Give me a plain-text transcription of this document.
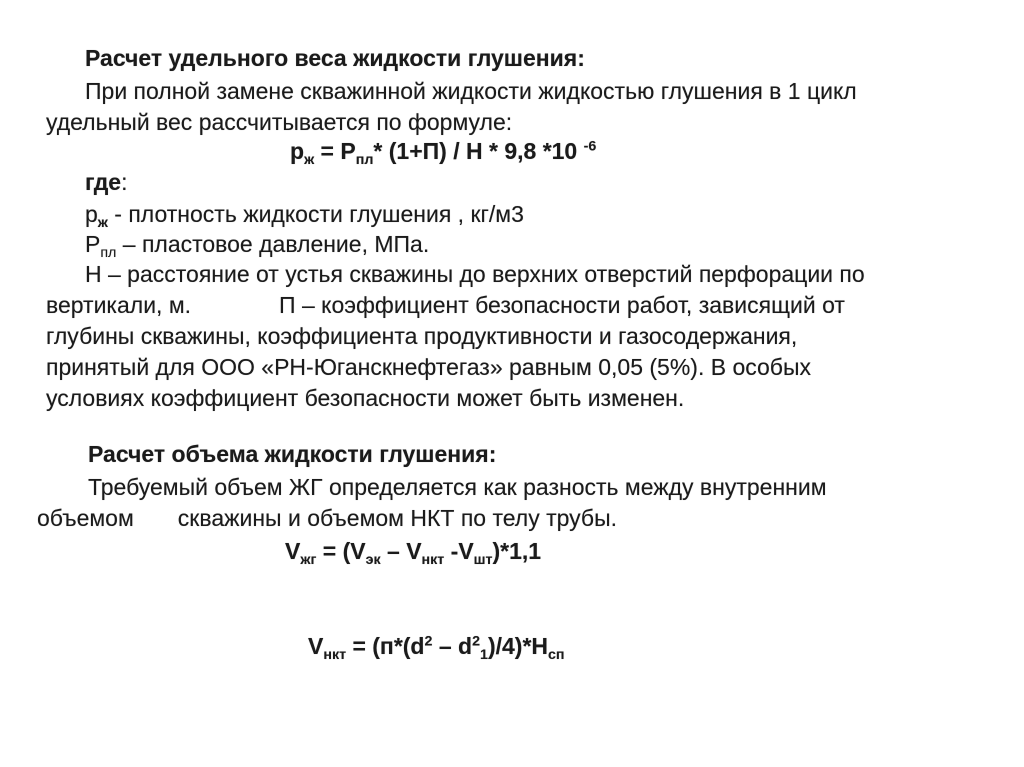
Расчет удельного веса жидкости глушения:
При полной замене скважинной жидкости жидкостью глушения в 1 цикл
удельный вес рассчитывается по формуле:
$р_ж = Р_{пл}*$ (1+П) / Н * 9,8 *10 $^{-6}$
где:
$р_ж$ - плотность жидкости глушения , кг/м3
$Р_{пл}$ – пластовое давление, МПа.
Н – расстояние от устья скважины до верхних отверстий перфорации по
вертикали, м.	П – коэффициент безопасности работ, зависящий от
глубины скважины, коэффициента продуктивности и газосодержания,
принятый для ООО «РН-Юганскнефтегаз» равным 0,05 (5%). В особых
условиях коэффициент безопасности может быть изменен.
Расчет объема жидкости глушения:
Требуемый объем ЖГ определяется как разность между внутренним
объемом скважины и объемом НКТ по телу трубы.
$V_{жг} = (V_{эк} - V_{нкт}$ $-V_{шт})*1,1$
$V_{нкт} = (п*(d^2 - d^2_1)/4)*Н_{сп}$
